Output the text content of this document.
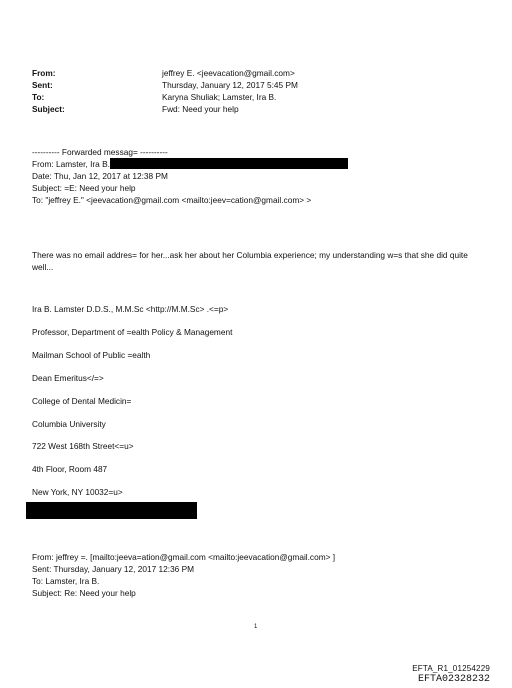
From:	jeffrey E. <jeevacation@gmail.com>
Sent:	Thursday, January 12, 2017 5:45 PM
To:	Karyna Shuliak; Lamster, Ira B.
Subject:	Fwd: Need your help
---------- Forwarded messag= ----------
From: Lamster, Ira B.
Date: Thu, Jan 12, 2017 at 12:38 PM
Subject: =E: Need your help
To: "jeffrey E." <jeevacation@gmail.com <mailto:jeev=cation@gmail.com> >
There was no email addres= for her...ask her about her Columbia experience; my understanding w=s that she did quite
well...
Ira B. Lamster D.D.S., M.M.Sc <http://M.M.Sc> .<=p>
Professor, Department of =ealth Policy & Management
Mailman School of Public =ealth
Dean Emeritus</=>
College of Dental Medicin=
Columbia University
722 West 168th Street<=u>
4th Floor, Room 487
New York, NY 10032=u>
From: jeffrey =. [mailto:jeeva=ation@gmail.com <mailto:jeevacation@gmail.com> ]
Sent: Thursday, January 12, 2017 12:36 PM
To: Lamster, Ira B.
Subject: Re: Need your help
1
EFTA_R1_01254229
EFTA02328232
